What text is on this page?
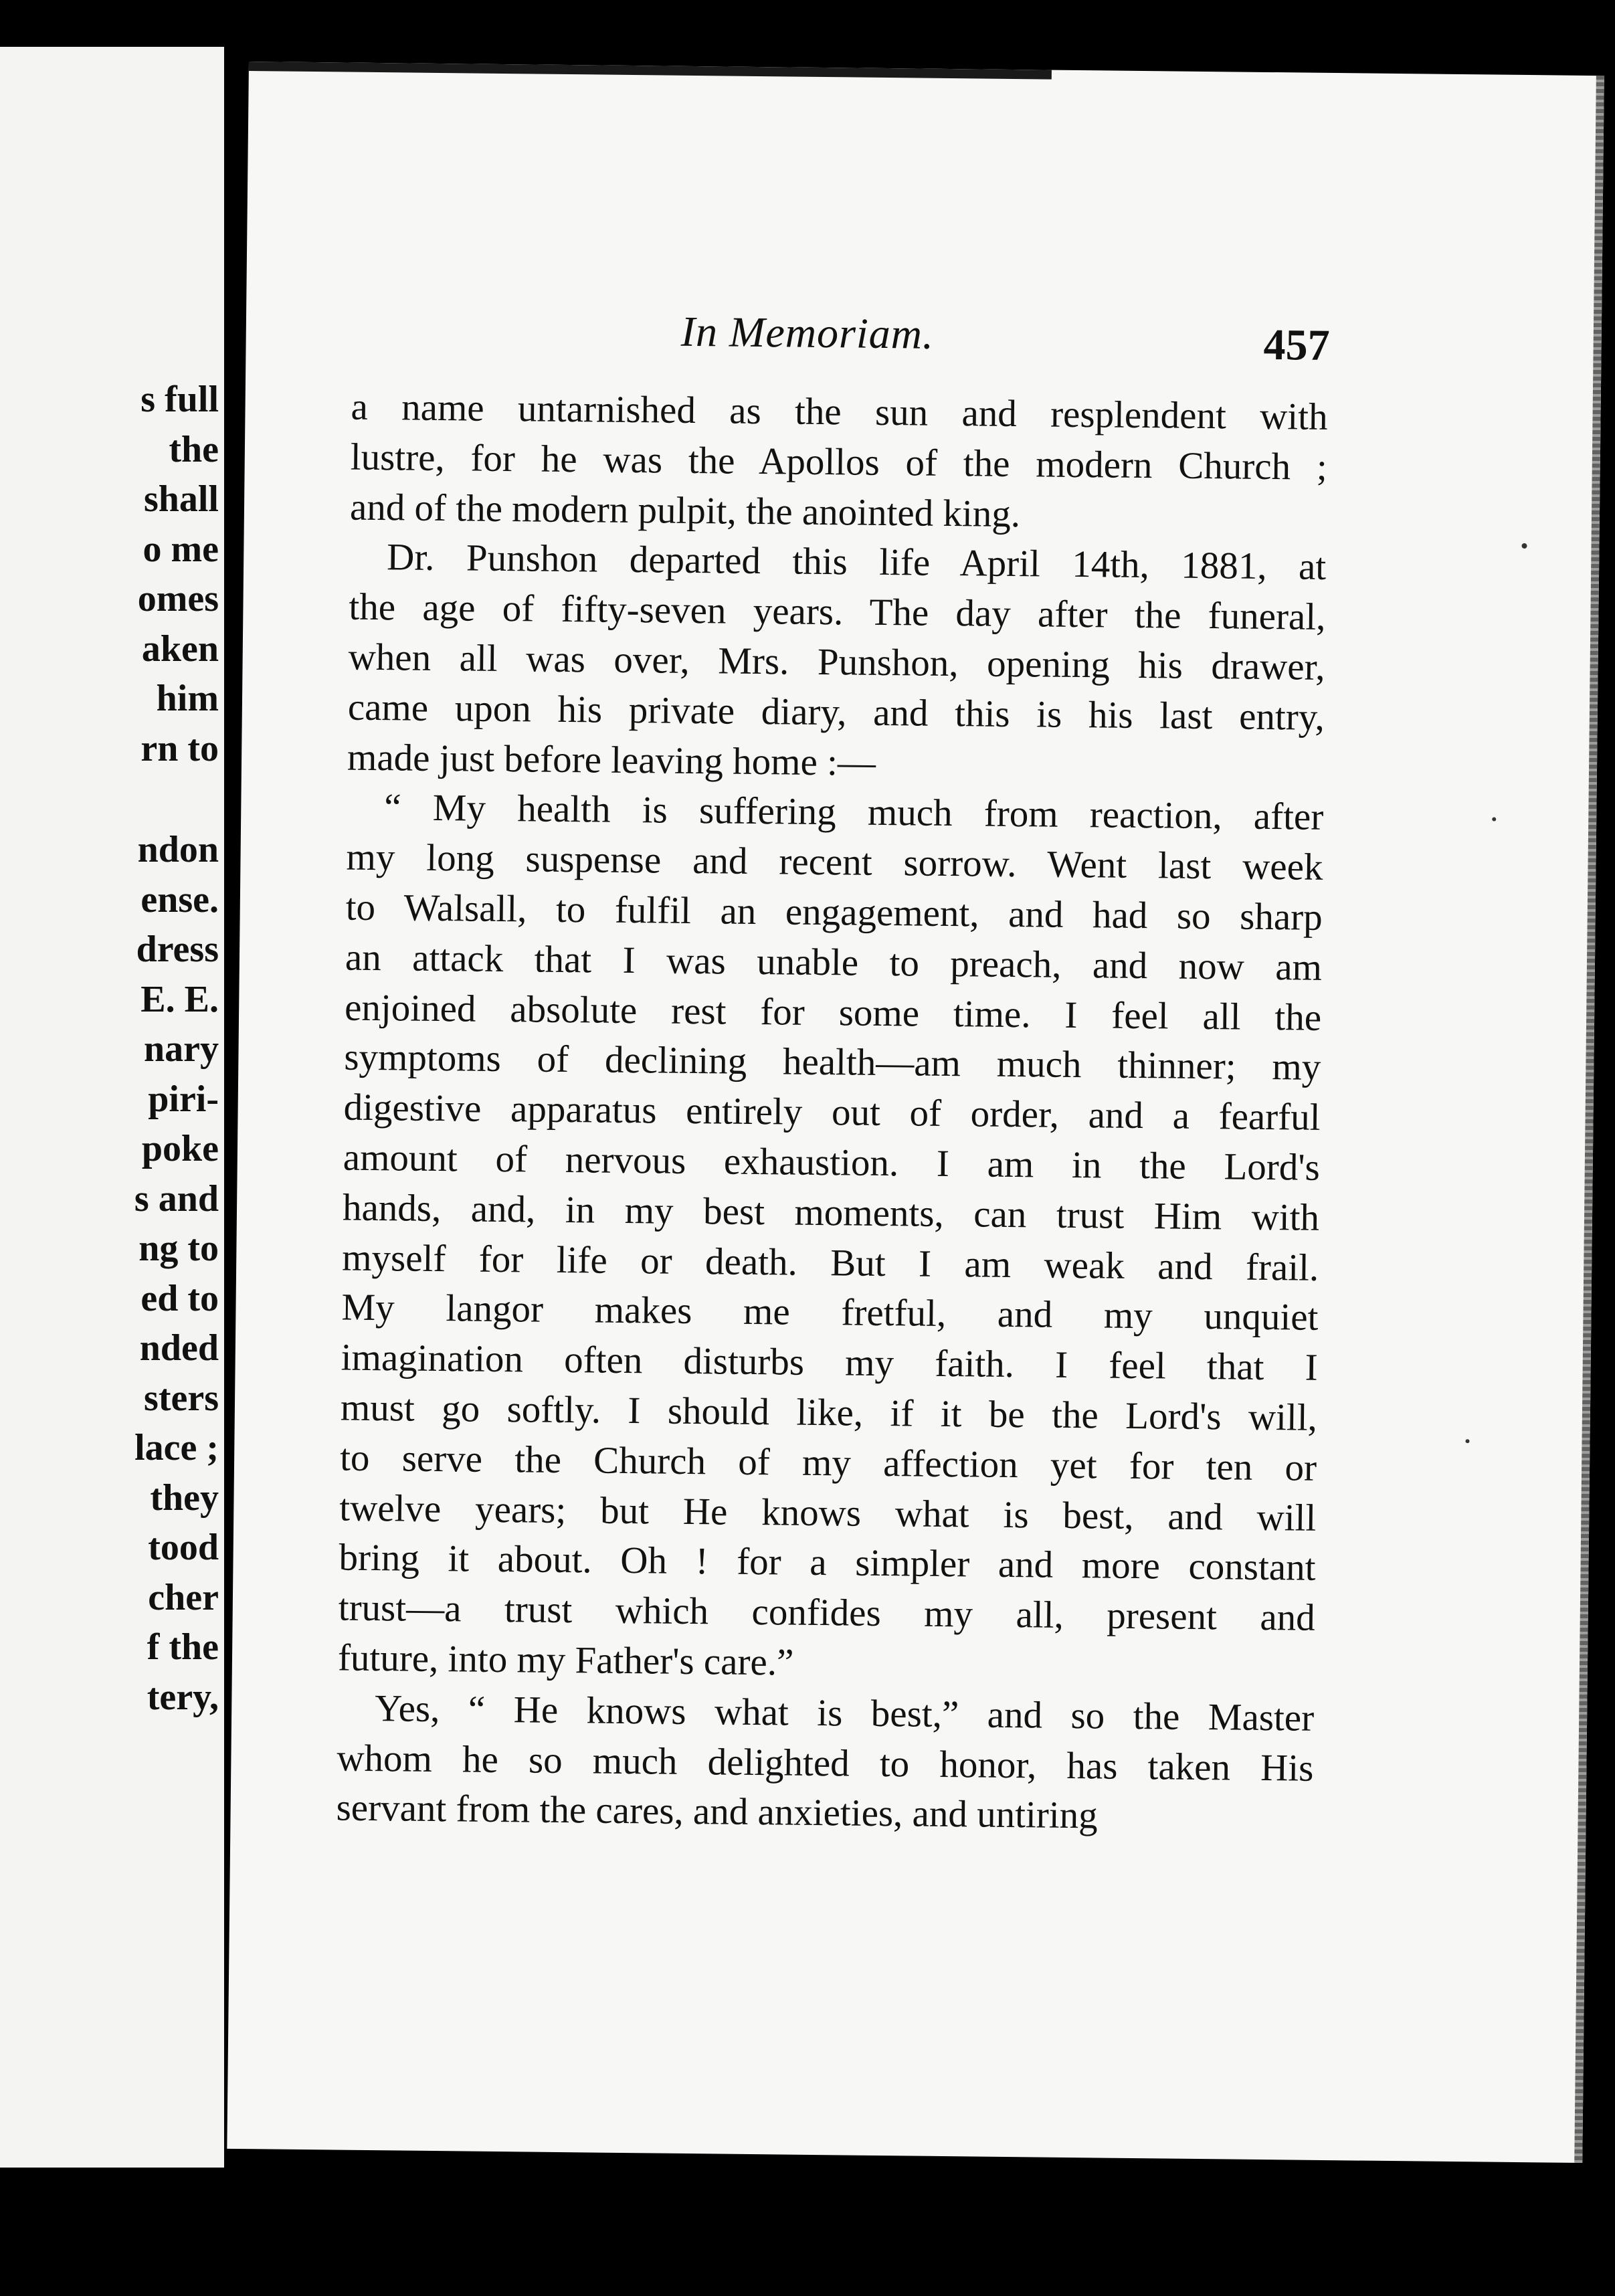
s full
the
shall
o me
omes
aken
him
rn to
ndon
ense.
dress
E. E.
nary
piri-
poke
s and
ng to
ed to
nded
sters
lace ;
they
tood
cher
f the
tery,
In Memoriam.	457
a name untarnished as the sun and resplendent with
lustre, for he was the Apollos of the modern Church ;
and of the modern pulpit, the anointed king.
Dr. Punshon departed this life April 14th, 1881, at
the age of fifty-seven years. The day after the funeral,
when all was over, Mrs. Punshon, opening his drawer,
came upon his private diary, and this is his last entry,
made just before leaving home :—
“ My health is suffering much from reaction, after
my long suspense and recent sorrow. Went last week
to Walsall, to fulfil an engagement, and had so sharp
an attack that I was unable to preach, and now am
enjoined absolute rest for some time. I feel all the
symptoms of declining health—am much thinner; my
digestive apparatus entirely out of order, and a fearful
amount of nervous exhaustion. I am in the Lord's
hands, and, in my best moments, can trust Him with
myself for life or death. But I am weak and frail.
My langor makes me fretful, and my unquiet
imagination often disturbs my faith. I feel that I
must go softly. I should like, if it be the Lord's will,
to serve the Church of my affection yet for ten or
twelve years; but He knows what is best, and will
bring it about. Oh ! for a simpler and more constant
trust—a trust which confides my all, present and
future, into my Father's care.”
Yes, “ He knows what is best,” and so the Master
whom he so much delighted to honor, has taken His
servant from the cares, and anxieties, and untiring
